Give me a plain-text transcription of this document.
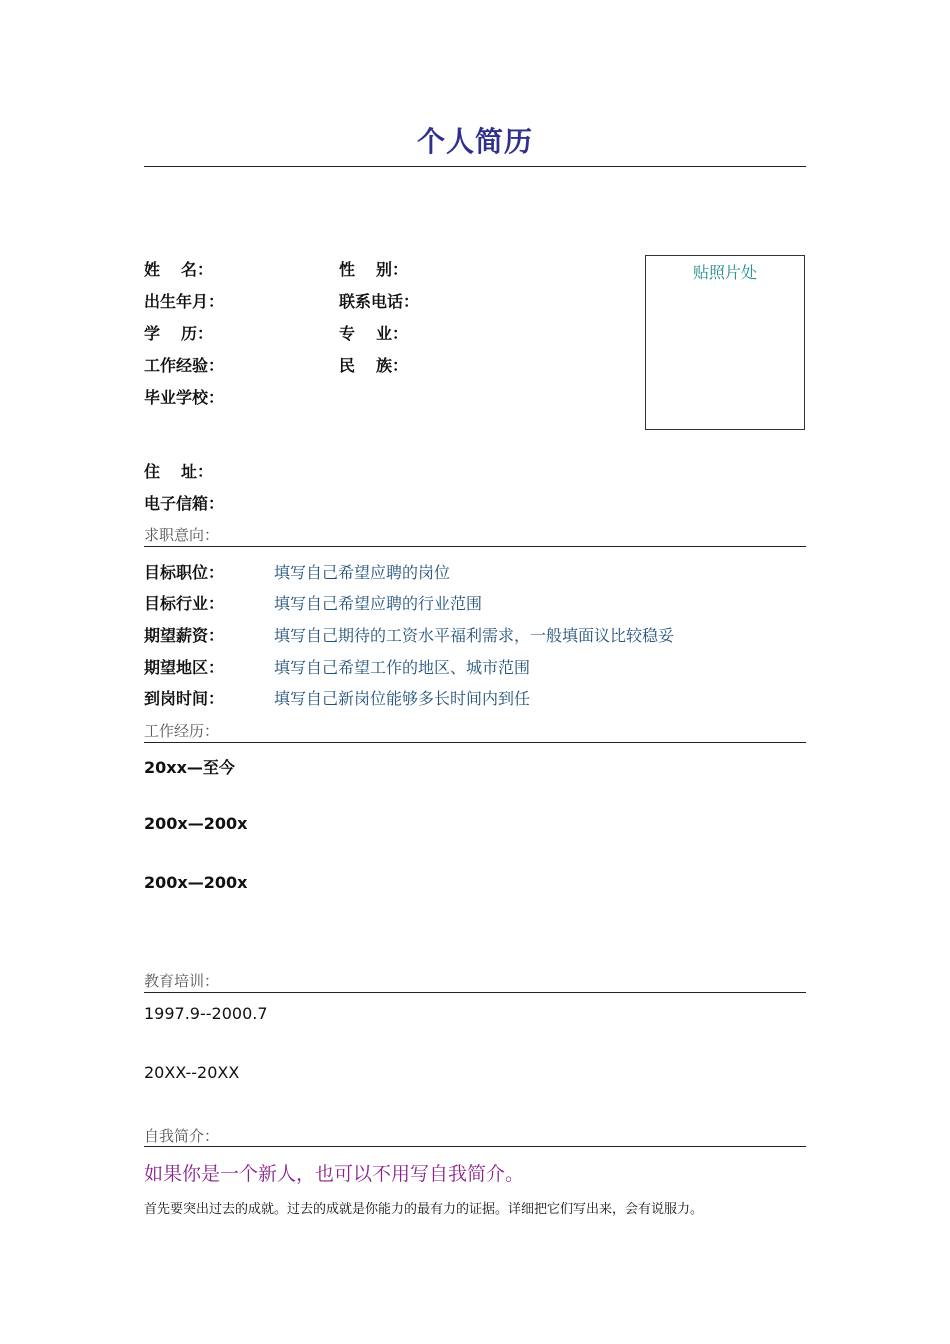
个人简历
贴照片处
姓 名：	性 别：
出生年月：	联系电话：
学 历：	专 业：
工作经验：	民 族：
毕业学校：
住 址：
电子信箱：
求职意向：
目标职位：	填写自己希望应聘的岗位
目标行业：	填写自己希望应聘的行业范围
期望薪资：	填写自己期待的工资水平福利需求，一般填面议比较稳妥
期望地区：	填写自己希望工作的地区、城市范围
到岗时间：	填写自己新岗位能够多长时间内到任
工作经历：
20xx—至今
200x—200x
200x—200x
教育培训：
1997.9--2000.7
20XX--20XX
自我简介：
如果你是一个新人，也可以不用写自我简介。
首先要突出过去的成就。过去的成就是你能力的最有力的证据。详细把它们写出来，会有说服力。
